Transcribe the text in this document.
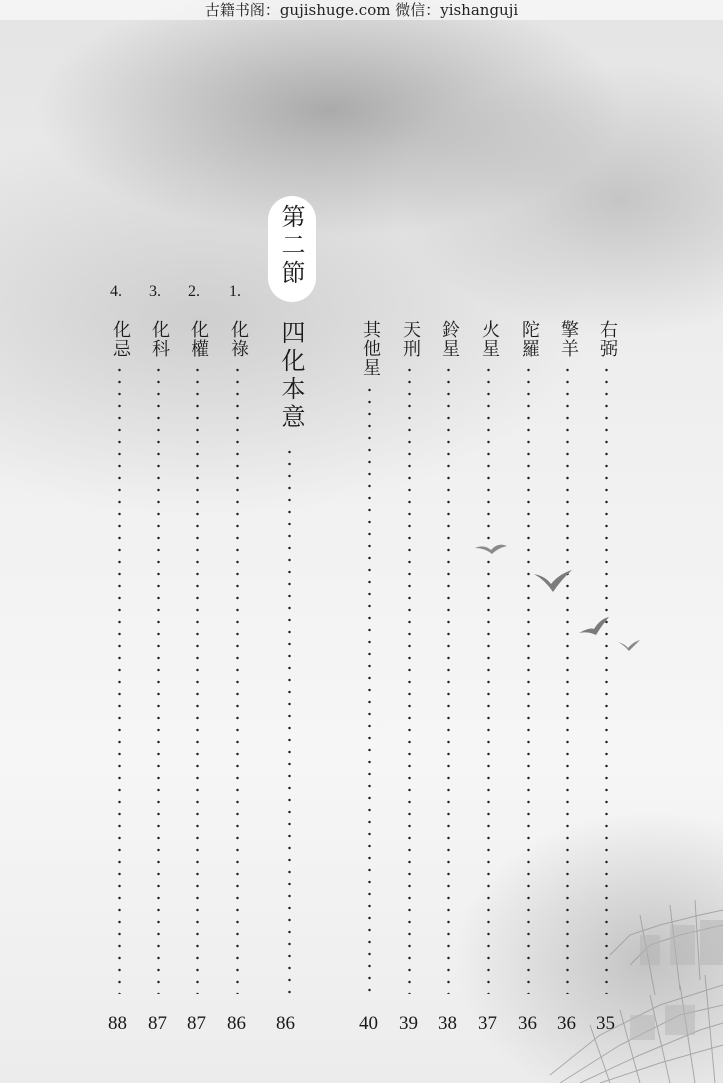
古籍书阁：gujishuge.com 微信：yishanguji
第二節
四化本意
86
1.
化祿
86
2.
化權
87
3.
化科
87
4.
化忌
88
其他星
40
天刑
39
鈴星
38
火星
37
陀羅
36
擎羊
36
右弼
35
